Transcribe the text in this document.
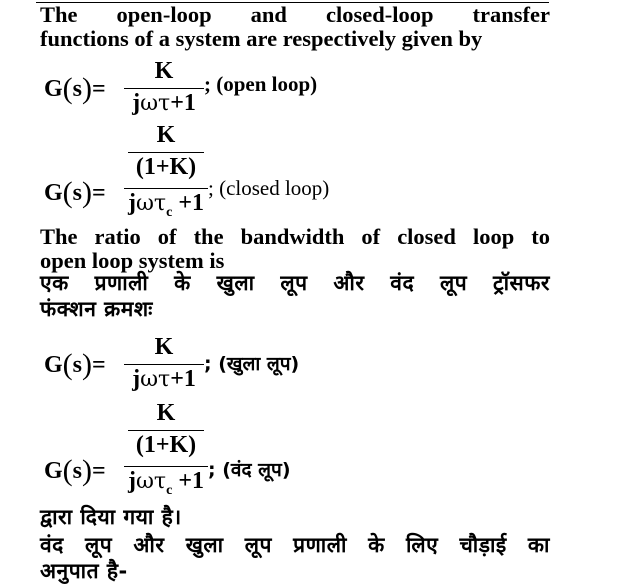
The open-loop and closed-loop transfer
functions of a system are respectively given by

G(s)=
K
jωτ+1
; (open loop)
G(s)=
K
(1+K)
jωτ$_c$ +1
; (closed loop)

The ratio of the bandwidth of closed loop to
open loop system is

एक प्रणाली के खुला लूप और वंद लूप ट्रॉसफर
फंक्शन क्रमशः

G(s)=
K
jωτ+1
; (खुला लूप)
G(s)=
K
(1+K)
jωτ$_c$ +1 ; (वंद लूप)

द्वारा दिया गया है।

वंद लूप और खुला लूप प्रणाली के लिए चौड़ाई का
अनुपात है-
